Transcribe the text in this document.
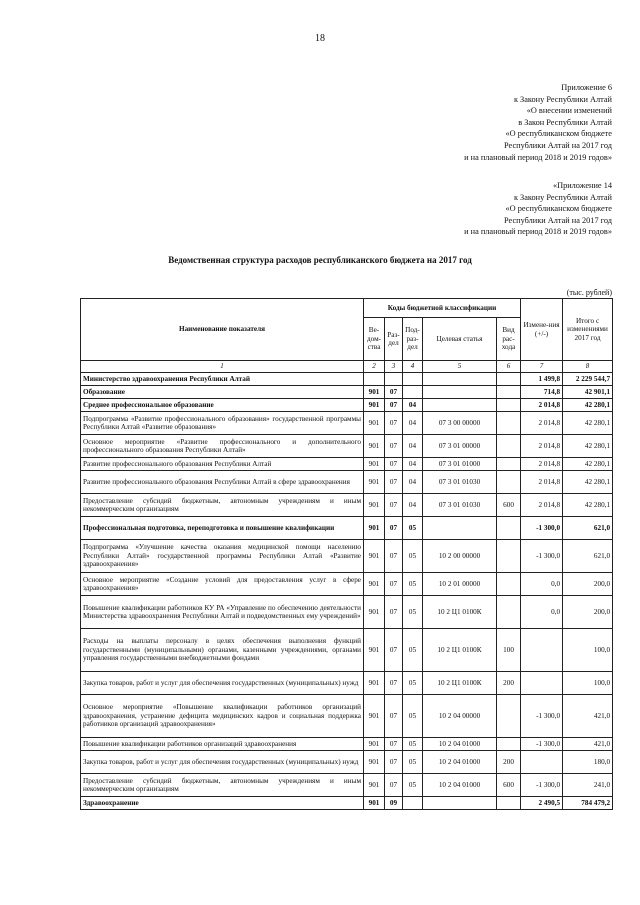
18
Приложение 6
к Закону Республики Алтай
«О внесении изменений
в Закон Республики Алтай
«О республиканском бюджете
Республики Алтай на 2017 год
и на плановый период 2018 и 2019 годов»
«Приложение 14
к Закону Республики Алтай
«О республиканском бюджете
Республики Алтай на 2017 год
и на плановый период 2018 и 2019 годов»
Ведомственная структура расходов республиканского бюджета на 2017 год
(тыс. рублей)
Наименование показателя	Коды бюджетной классификации					Измене-ния (+/-)	Итого с изменениями 2017 год
	Ве-дом-ства	Раз-дел	Под-раз-дел	Целевая статья	Вид рас-хода		
1	2	3	4	5	6	7	8
Министерство здравоохранения Республики Алтай						1 499,8	2 229 544,7
Образование	901	07				714,8	42 901,1
Среднее профессиональное образование	901	07	04			2 014,8	42 280,1
Подпрограмма «Развитие профессионального образования» государственной программы Республики Алтай «Развитие образования»	901	07	04	07 3 00 00000		2 014,8	42 280,1
Основное мероприятие «Развитие профессионального и дополнительного профессионального образования Республики Алтай»	901	07	04	07 3 01 00000		2 014,8	42 280,1
Развитие профессионального образования Республики Алтай	901	07	04	07 3 01 01000		2 014,8	42 280,1
Развитие профессионального образования Республики Алтай в сфере здравоохранения	901	07	04	07 3 01 01030		2 014,8	42 280,1
Предоставление субсидий бюджетным, автономным учреждениям и иным некоммерческим организациям	901	07	04	07 3 01 01030	600	2 014,8	42 280,1
Профессиональная подготовка, переподготовка и повышение квалификации	901	07	05			-1 300,0	621,0
Подпрограмма «Улучшение качества оказания медицинской помощи населению Республики Алтай» государственной программы Республики Алтай «Развитие здравоохранения»	901	07	05	10 2 00 00000		-1 300,0	621,0
Основное мероприятие «Создание условий для предоставления услуг в сфере здравоохранения»	901	07	05	10 2 01 00000		0,0	200,0
Повышение квалификации работников КУ РА «Управление по обеспечению деятельности Министерства здравоохранения Республики Алтай и подведомственных ему учреждений»	901	07	05	10 2 Ц1 0100К		0,0	200,0
Расходы на выплаты персоналу в целях обеспечения выполнения функций государственными (муниципальными) органами, казенными учреждениями, органами управления государственными внебюджетными фондами	901	07	05	10 2 Ц1 0100К	100		100,0
Закупка товаров, работ и услуг для обеспечения государственных (муниципальных) нужд	901	07	05	10 2 Ц1 0100К	200		100,0
Основное мероприятие «Повышение квалификации работников организаций здравоохранения, устранение дефицита медицинских кадров и социальная поддержка работников организаций здравоохранения»	901	07	05	10 2 04 00000		-1 300,0	421,0
Повышение квалификации работников организаций здравоохранения	901	07	05	10 2 04 01000		-1 300,0	421,0
Закупка товаров, работ и услуг для обеспечения государственных (муниципальных) нужд	901	07	05	10 2 04 01000	200		180,0
Предоставление субсидий бюджетным, автономным учреждениям и иным некоммерческим организациям	901	07	05	10 2 04 01000	600	-1 300,0	241,0
Здравоохранение	901	09				2 490,5	784 479,2
